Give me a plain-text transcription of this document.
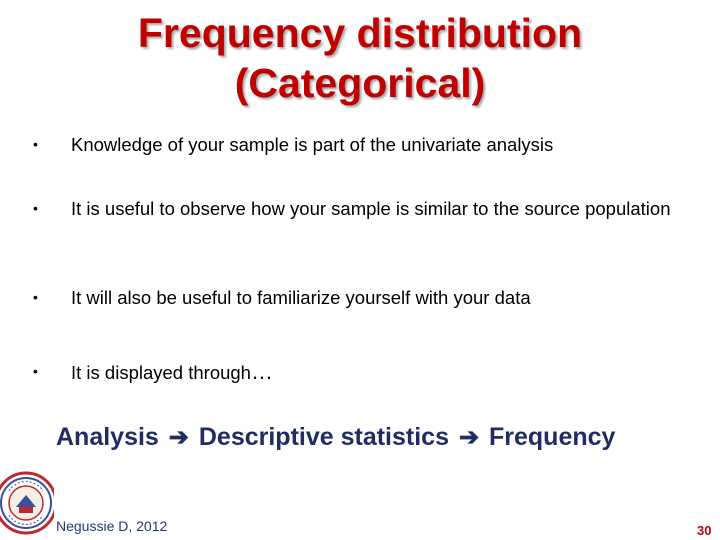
Frequency distribution
(Categorical)
• Knowledge of your sample is part of the univariate analysis
• It is useful to observe how your sample is similar to the source population
• It will also be useful to familiarize yourself with your data
• It is displayed through…
Analysis ➔ Descriptive statistics ➔ Frequency
Negussie D, 2012	30
